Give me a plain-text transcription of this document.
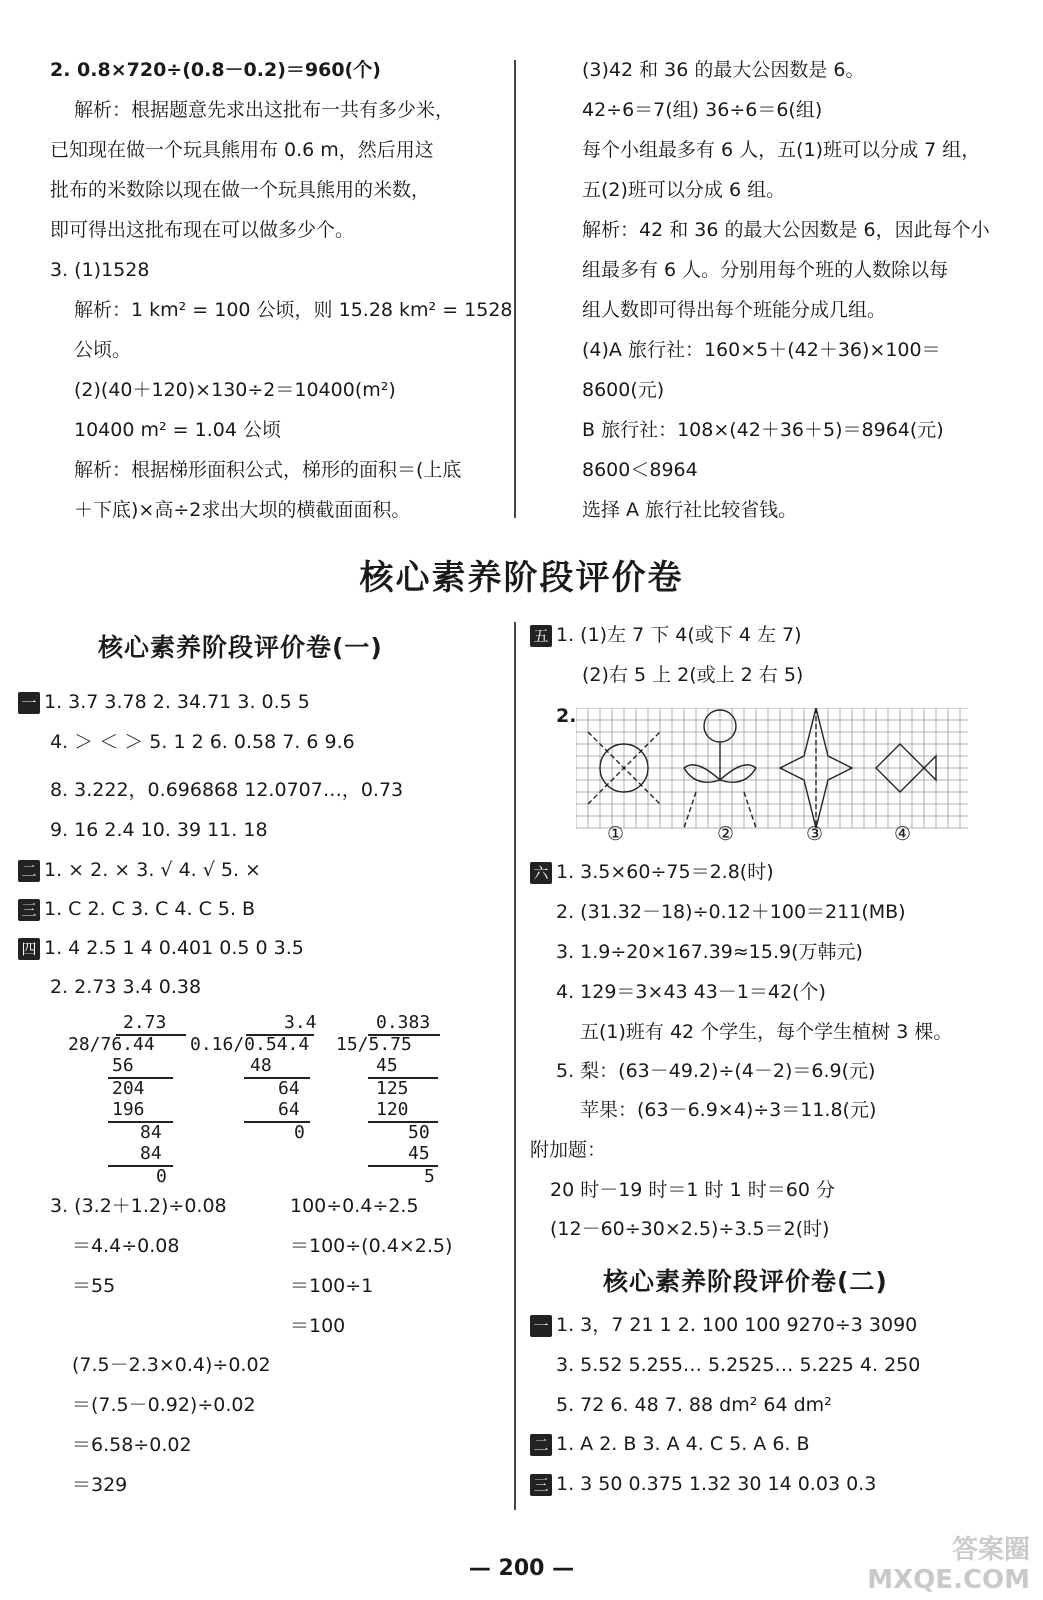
2. 0.8×720÷(0.8－0.2)＝960(个)
解析：根据题意先求出这批布一共有多少米，
已知现在做一个玩具熊用布 0.6 m，然后用这
批布的米数除以现在做一个玩具熊用的米数，
即可得出这批布现在可以做多少个。
3. (1)1528
解析：1 km² = 100 公顷，则 15.28 km² = 1528
公顷。
(2)(40＋120)×130÷2＝10400(m²)
10400 m² = 1.04 公顷
解析：根据梯形面积公式，梯形的面积＝(上底
＋下底)×高÷2求出大坝的横截面面积。
(3)42 和 36 的最大公因数是 6。
42÷6＝7(组) 36÷6＝6(组)
每个小组最多有 6 人，五(1)班可以分成 7 组，
五(2)班可以分成 6 组。
解析：42 和 36 的最大公因数是 6，因此每个小
组最多有 6 人。分别用每个班的人数除以每
组人数即可得出每个班能分成几组。
(4)A 旅行社：160×5＋(42＋36)×100＝
8600(元)
B 旅行社：108×(42＋36＋5)＝8964(元)
8600＜8964
选择 A 旅行社比较省钱。
核心素养阶段评价卷
核心素养阶段评价卷(一)
一 1. 3.7 3.78 2. 34.71 3. 0.5 5
4. ＞ ＜ ＞ 5. 1 2 6. 0.58 7. 6 9.6
8. 3.222，0.696868 12.0707…，0.73
9. 16 2.4 10. 39 11. 18
二 1. × 2. × 3. √ 4. √ 5. ×
三 1. C 2. C 3. C 4. C 5. B
四 1. 4 2.5 1 4 0.401 0.5 0 3.5
2. 2.73 3.4 0.38
2.73
28/76.44
56
204
196
84
84
0
3.4
0.16/0.54.4
48
64
64
0
0.383
15/5.75
45
125
120
50
45
5
3. (3.2＋1.2)÷0.08
＝4.4÷0.08
＝55
100÷0.4÷2.5
＝100÷(0.4×2.5)
＝100÷1
＝100
(7.5－2.3×0.4)÷0.02
＝(7.5－0.92)÷0.02
＝6.58÷0.02
＝329
五 1. (1)左 7 下 4(或下 4 左 7)
(2)右 5 上 2(或上 2 右 5)
2.
①	②	③	④
六 1. 3.5×60÷75＝2.8(时)
2. (31.32－18)÷0.12＋100＝211(MB)
3. 1.9÷20×167.39≈15.9(万韩元)
4. 129＝3×43 43－1＝42(个)
五(1)班有 42 个学生，每个学生植树 3 棵。
5. 梨：(63－49.2)÷(4－2)＝6.9(元)
苹果：(63－6.9×4)÷3＝11.8(元)
附加题：
20 时－19 时＝1 时 1 时＝60 分
(12－60÷30×2.5)÷3.5＝2(时)
核心素养阶段评价卷(二)
一 1. 3，7 21 1 2. 100 100 9270÷3 3090
3. 5.52 5.255… 5.2525… 5.225 4. 250
5. 72 6. 48 7. 88 dm² 64 dm²
二 1. A 2. B 3. A 4. C 5. A 6. B
三 1. 3 50 0.375 1.32 30 14 0.03 0.3
— 200 —
答案圈 MXQE.COM
